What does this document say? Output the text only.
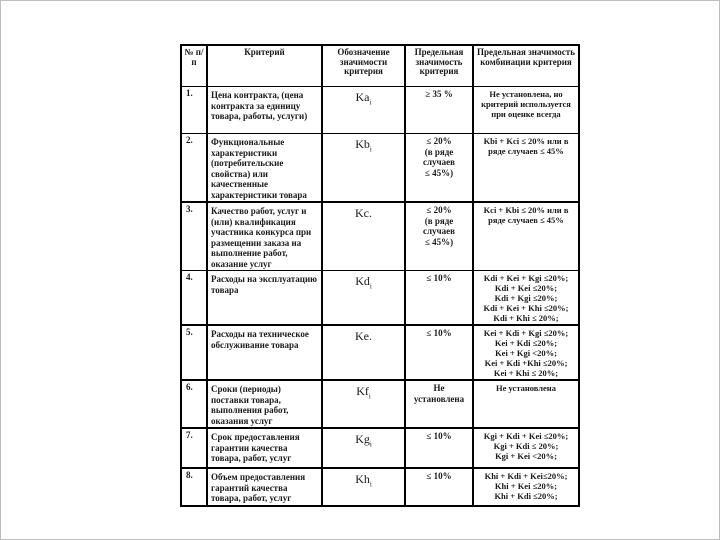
№ п/п	Критерий	Обозначение значимости критерия	Предельная значимость критерия	Предельная значимость комбинации критерия
1.	Цена контракта, (цена контракта за единицу товара, работы, услуги)	$Ka_i$	≥ 35 %	Не установлена, но критерий используется при оценке всегда

2.	Функциональные характеристики (потребительские свойства) или качественные характеристики товара	$Kb_i$	≤ 20%
(в ряде
случаев
≤ 45%)	Kbi + Kci ≤ 20% или в ряде случаев ≤ 45%

3.	Качество работ, услуг и (или) квалификация участника конкурса при размещении заказа на выполнение работ, оказание услуг	Kc.	≤ 20%
(в ряде
случаев
≤ 45%)	Kci + Kbi ≤ 20% или в ряде случаев ≤ 45%

4.	Расходы на эксплуатацию товара	$Kd_i$	≤ 10%	Kdi + Kei + Kgi ≤20%;
Kdi + Kei ≤20%;
Kdi + Kgi ≤20%;
Kdi + Kei + Khi ≤20%;
Kdi + Khi ≤ 20%;

5.	Расходы на техническое обслуживание товара	Ke.	≤ 10%	Kei + Kdi + Kgi ≤20%;
Kei + Kdi ≤20%;
Kei + Kgi <20%;
Kei + Kdi +Khi ≤20%;
Kei + Khi ≤ 20%;

6.	Сроки (периоды) поставки товара, выполнения работ, оказания услуг	$Kf_i$	Не установлена	Не установлена

7.	Срок предоставления гарантии качества товара, работ, услуг	$Kg_i$	≤ 10%	Kgi + Kdi + Kei ≤20%;
Kgi + Kdi ≤ 20%;
Kgi + Kei <20%;

8.	Объем предоставления гарантий качества товара, работ, услуг	$Kh_i$	≤ 10%	Khi + Kdi + Kei≤20%;
Khi + Kei ≤20%;
Khi + Kdi ≤20%;
